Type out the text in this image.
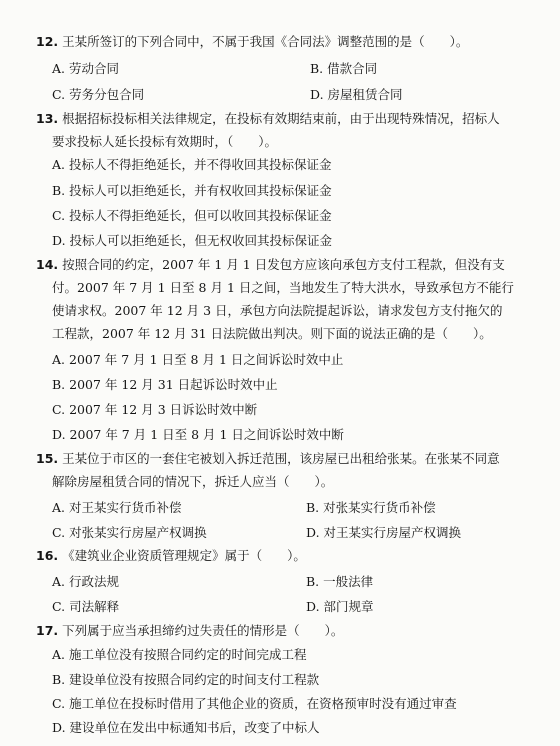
12. 王某所签订的下列合同中，不属于我国《合同法》调整范围的是（　　）。
A. 劳动合同	B. 借款合同
C. 劳务分包合同	D. 房屋租赁合同
13. 根据招标投标相关法律规定，在投标有效期结束前，由于出现特殊情况，招标人
要求投标人延长投标有效期时，（　　）。
A. 投标人不得拒绝延长，并不得收回其投标保证金
B. 投标人可以拒绝延长，并有权收回其投标保证金
C. 投标人不得拒绝延长，但可以收回其投标保证金
D. 投标人可以拒绝延长，但无权收回其投标保证金
14. 按照合同的约定，2007 年 1 月 1 日发包方应该向承包方支付工程款，但没有支
付。2007 年 7 月 1 日至 8 月 1 日之间，当地发生了特大洪水，导致承包方不能行
使请求权。2007 年 12 月 3 日，承包方向法院提起诉讼，请求发包方支付拖欠的
工程款，2007 年 12 月 31 日法院做出判决。则下面的说法正确的是（　　）。
A. 2007 年 7 月 1 日至 8 月 1 日之间诉讼时效中止
B. 2007 年 12 月 31 日起诉讼时效中止
C. 2007 年 12 月 3 日诉讼时效中断
D. 2007 年 7 月 1 日至 8 月 1 日之间诉讼时效中断
15. 王某位于市区的一套住宅被划入拆迁范围，该房屋已出租给张某。在张某不同意
解除房屋租赁合同的情况下，拆迁人应当（　　）。
A. 对王某实行货币补偿	B. 对张某实行货币补偿
C. 对张某实行房屋产权调换	D. 对王某实行房屋产权调换
16. 《建筑业企业资质管理规定》属于（　　）。
A. 行政法规	B. 一般法律
C. 司法解释	D. 部门规章
17. 下列属于应当承担缔约过失责任的情形是（　　）。
A. 施工单位没有按照合同约定的时间完成工程
B. 建设单位没有按照合同约定的时间支付工程款
C. 施工单位在投标时借用了其他企业的资质，在资格预审时没有通过审查
D. 建设单位在发出中标通知书后，改变了中标人
